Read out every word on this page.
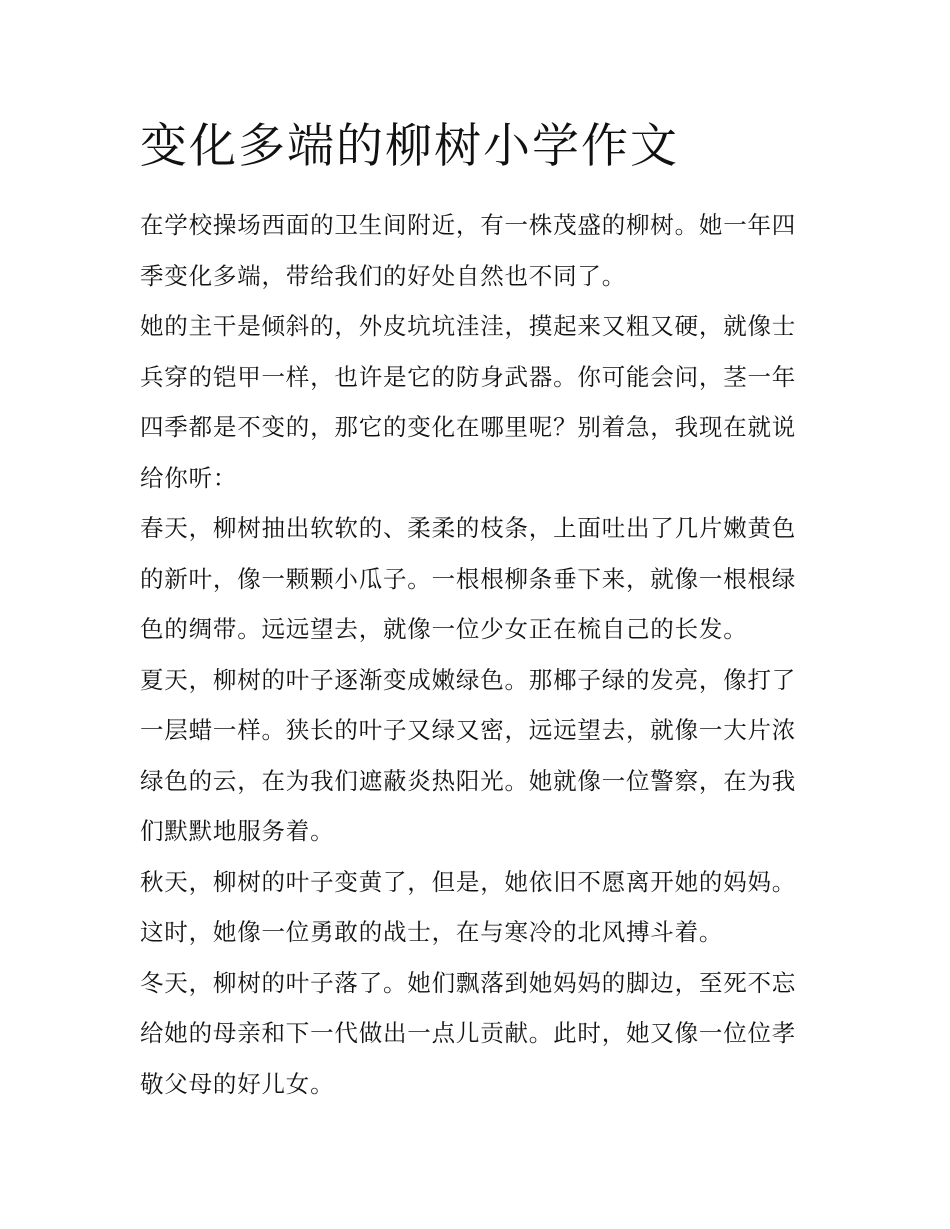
变化多端的柳树小学作文

在学校操场西面的卫生间附近，有一株茂盛的柳树。她一年四季变化多端，带给我们的好处自然也不同了。

她的主干是倾斜的，外皮坑坑洼洼，摸起来又粗又硬，就像士兵穿的铠甲一样，也许是它的防身武器。你可能会问，茎一年四季都是不变的，那它的变化在哪里呢？别着急，我现在就说给你听：

春天，柳树抽出软软的、柔柔的枝条，上面吐出了几片嫩黄色的新叶，像一颗颗小瓜子。一根根柳条垂下来，就像一根根绿色的绸带。远远望去，就像一位少女正在梳自己的长发。

夏天，柳树的叶子逐渐变成嫩绿色。那椰子绿的发亮，像打了一层蜡一样。狭长的叶子又绿又密，远远望去，就像一大片浓绿色的云，在为我们遮蔽炎热阳光。她就像一位警察，在为我们默默地服务着。

秋天，柳树的叶子变黄了，但是，她依旧不愿离开她的妈妈。这时，她像一位勇敢的战士，在与寒冷的北风搏斗着。

冬天，柳树的叶子落了。她们飘落到她妈妈的脚边，至死不忘给她的母亲和下一代做出一点儿贡献。此时，她又像一位位孝敬父母的好儿女。
